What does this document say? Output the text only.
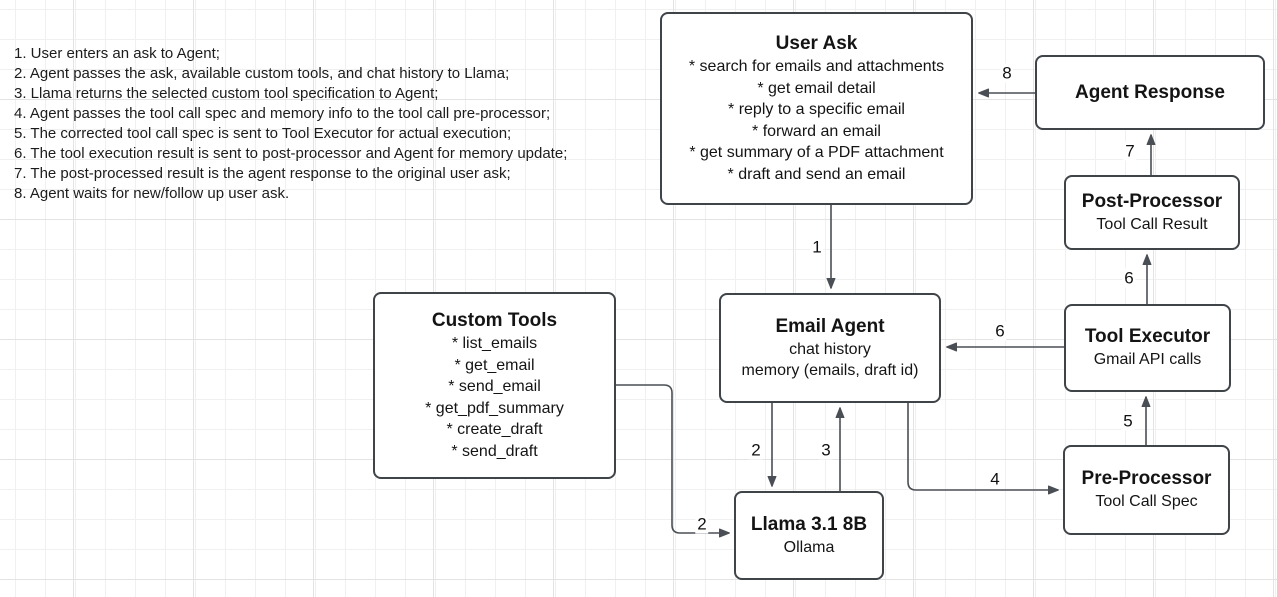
1. User enters an ask to Agent;
2. Agent passes the ask, available custom tools, and chat history to Llama;
3. Llama returns the selected custom tool specification to Agent;
4. Agent passes the tool call spec and memory info to the tool call pre-processor;
5. The corrected tool call spec is sent to Tool Executor for actual execution;
6. The tool execution result is sent to post-processor and Agent for memory update;
7. The post-processed result is the agent response to the original user ask;
8. Agent waits for new/follow up user ask.
User Ask
* search for emails and attachments
* get email detail
* reply to a specific email
* forward an email
* get summary of a PDF attachment
* draft and send an email
Agent Response
Post-Processor
Tool Call Result
Tool Executor
Gmail API calls
Pre-Processor
Tool Call Spec
Email Agent
chat history
memory (emails, draft id)
Custom Tools
* list_emails
* get_email
* send_email
* get_pdf_summary
* create_draft
* send_draft
Llama 3.1 8B
Ollama
1
2
2
3
4
5
6
6
7
8
